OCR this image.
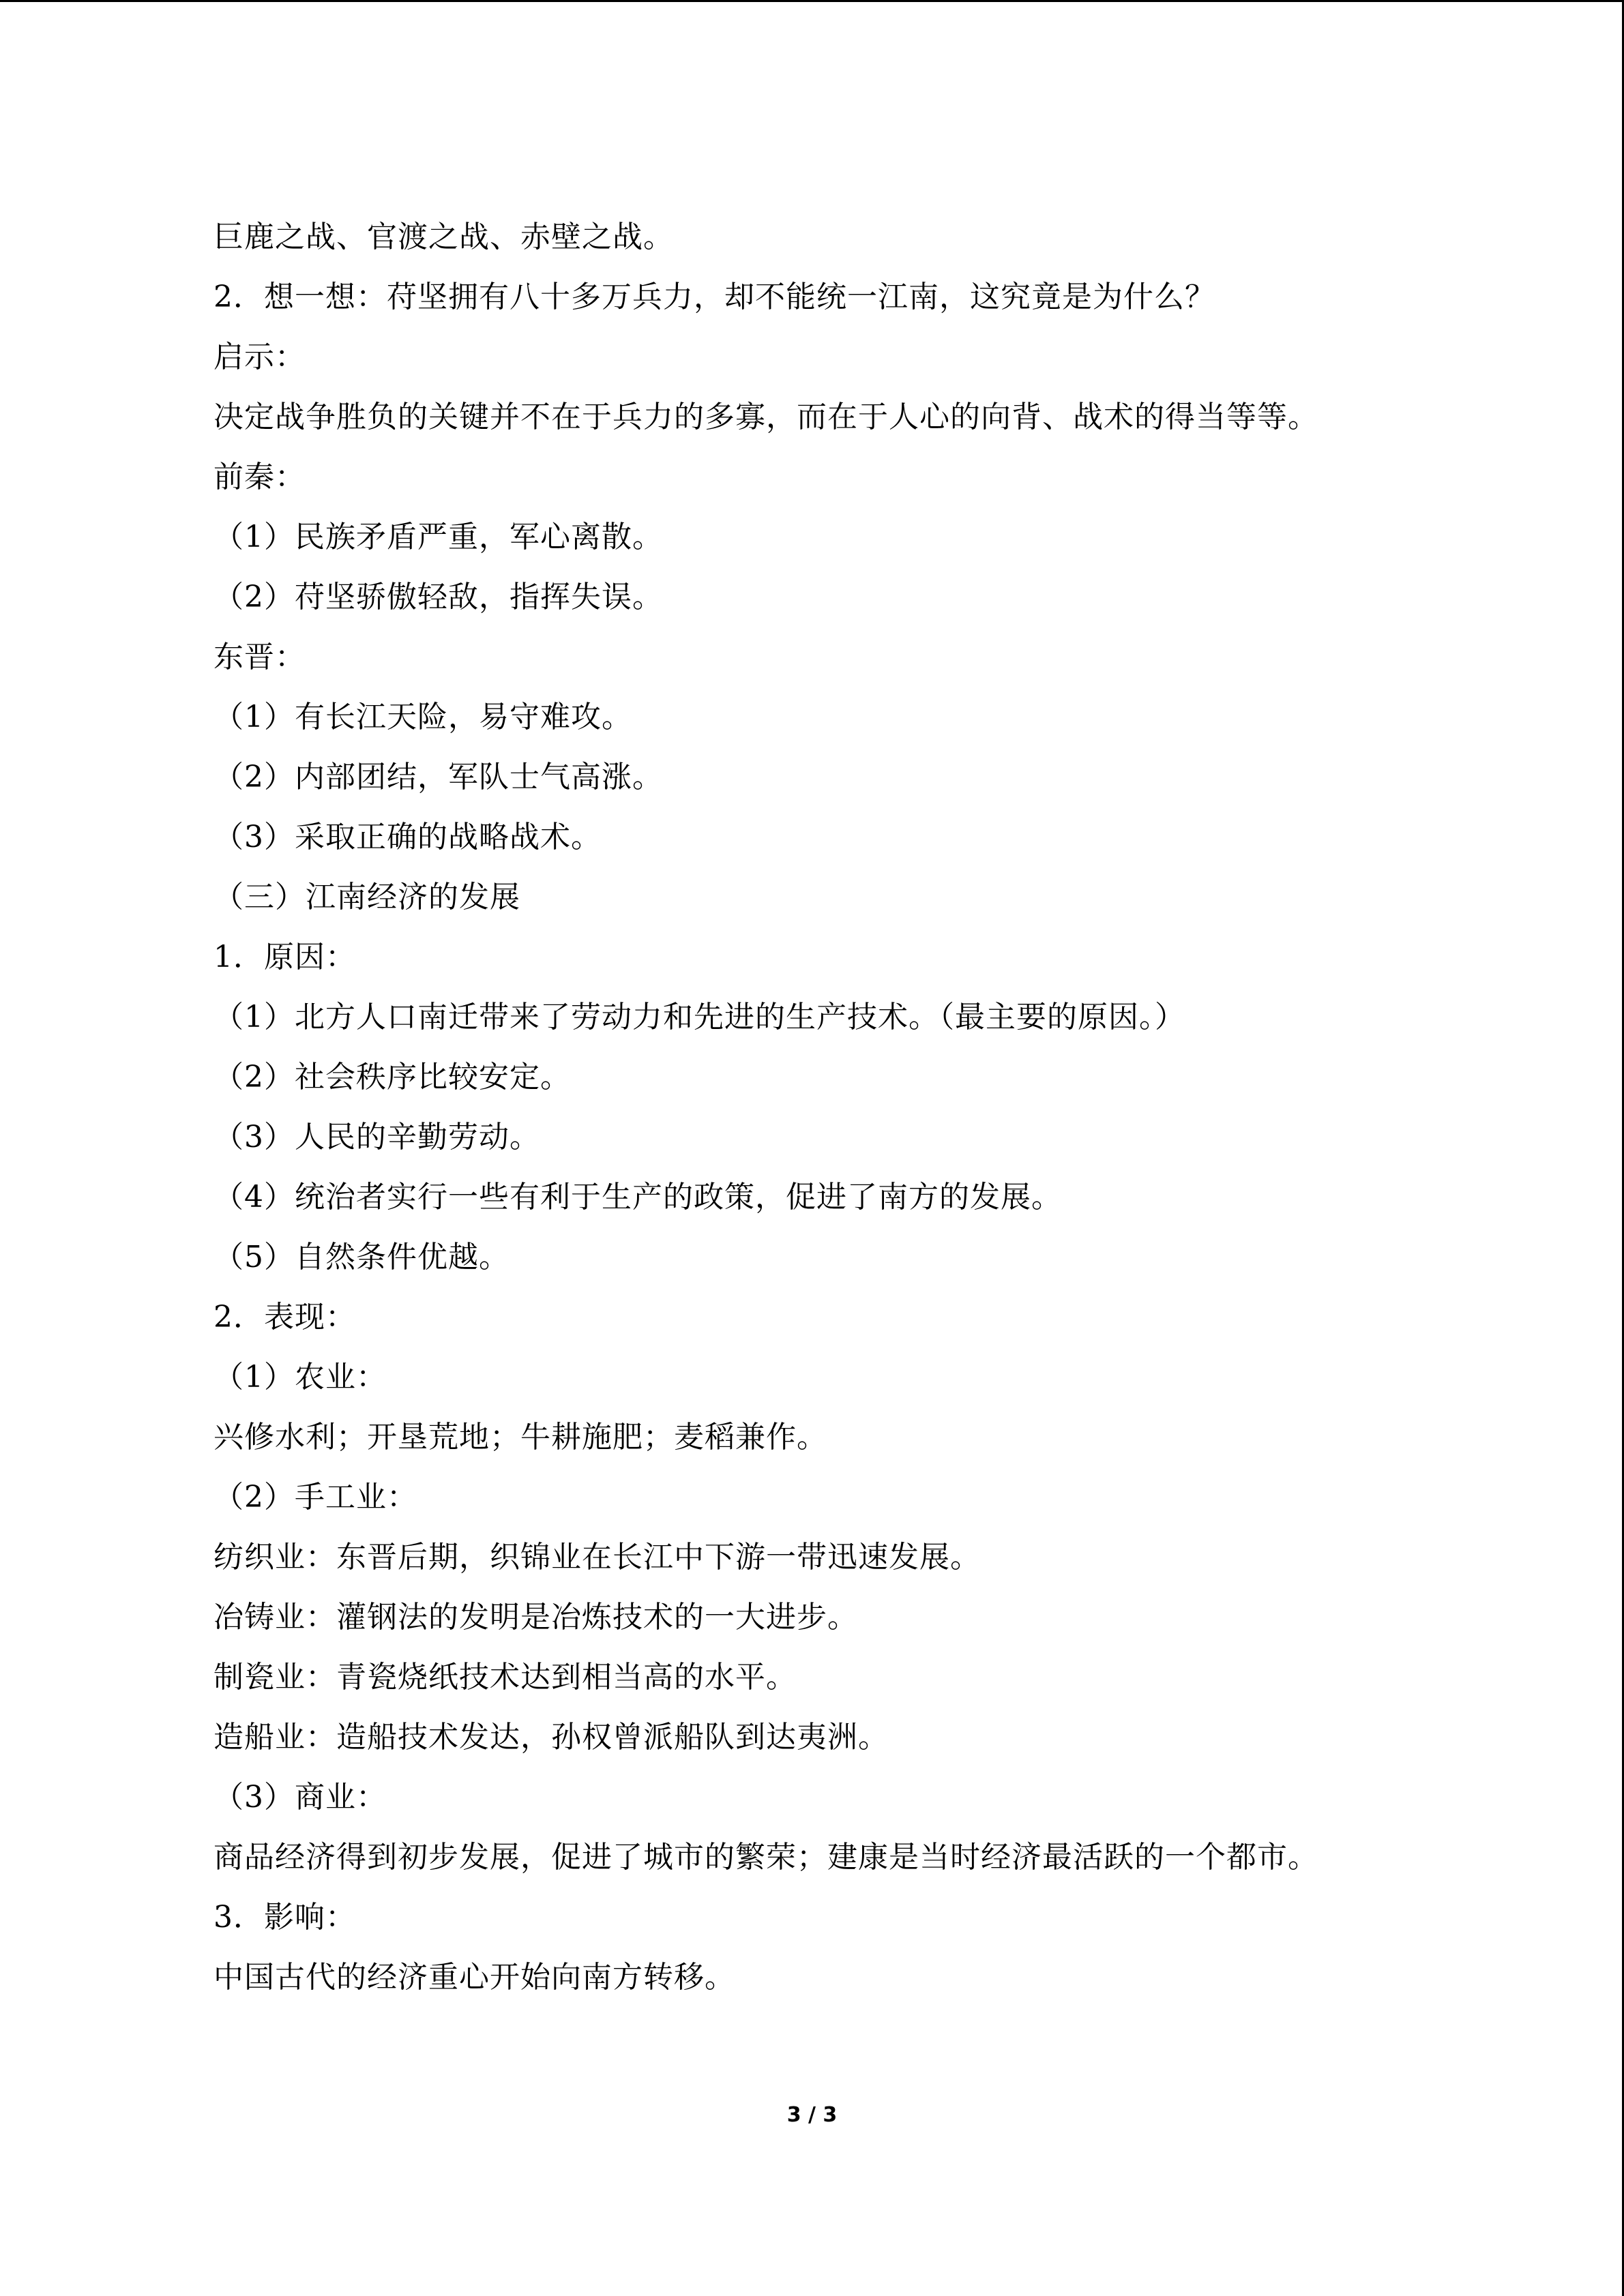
巨鹿之战、官渡之战、赤壁之战。
2．想一想：苻坚拥有八十多万兵力，却不能统一江南，这究竟是为什么？
启示：
决定战争胜负的关键并不在于兵力的多寡，而在于人心的向背、战术的得当等等。
前秦：
（1）民族矛盾严重，军心离散。
（2）苻坚骄傲轻敌，指挥失误。
东晋：
（1）有长江天险，易守难攻。
（2）内部团结，军队士气高涨。
（3）采取正确的战略战术。
（三）江南经济的发展
1．原因：
（1）北方人口南迁带来了劳动力和先进的生产技术。（最主要的原因。）
（2）社会秩序比较安定。
（3）人民的辛勤劳动。
（4）统治者实行一些有利于生产的政策，促进了南方的发展。
（5）自然条件优越。
2．表现：
（1）农业：
兴修水利；开垦荒地；牛耕施肥；麦稻兼作。
（2）手工业：
纺织业：东晋后期，织锦业在长江中下游一带迅速发展。
冶铸业：灌钢法的发明是冶炼技术的一大进步。
制瓷业：青瓷烧纸技术达到相当高的水平。
造船业：造船技术发达，孙权曾派船队到达夷洲。
（3）商业：
商品经济得到初步发展，促进了城市的繁荣；建康是当时经济最活跃的一个都市。
3．影响：
中国古代的经济重心开始向南方转移。
3 / 3
